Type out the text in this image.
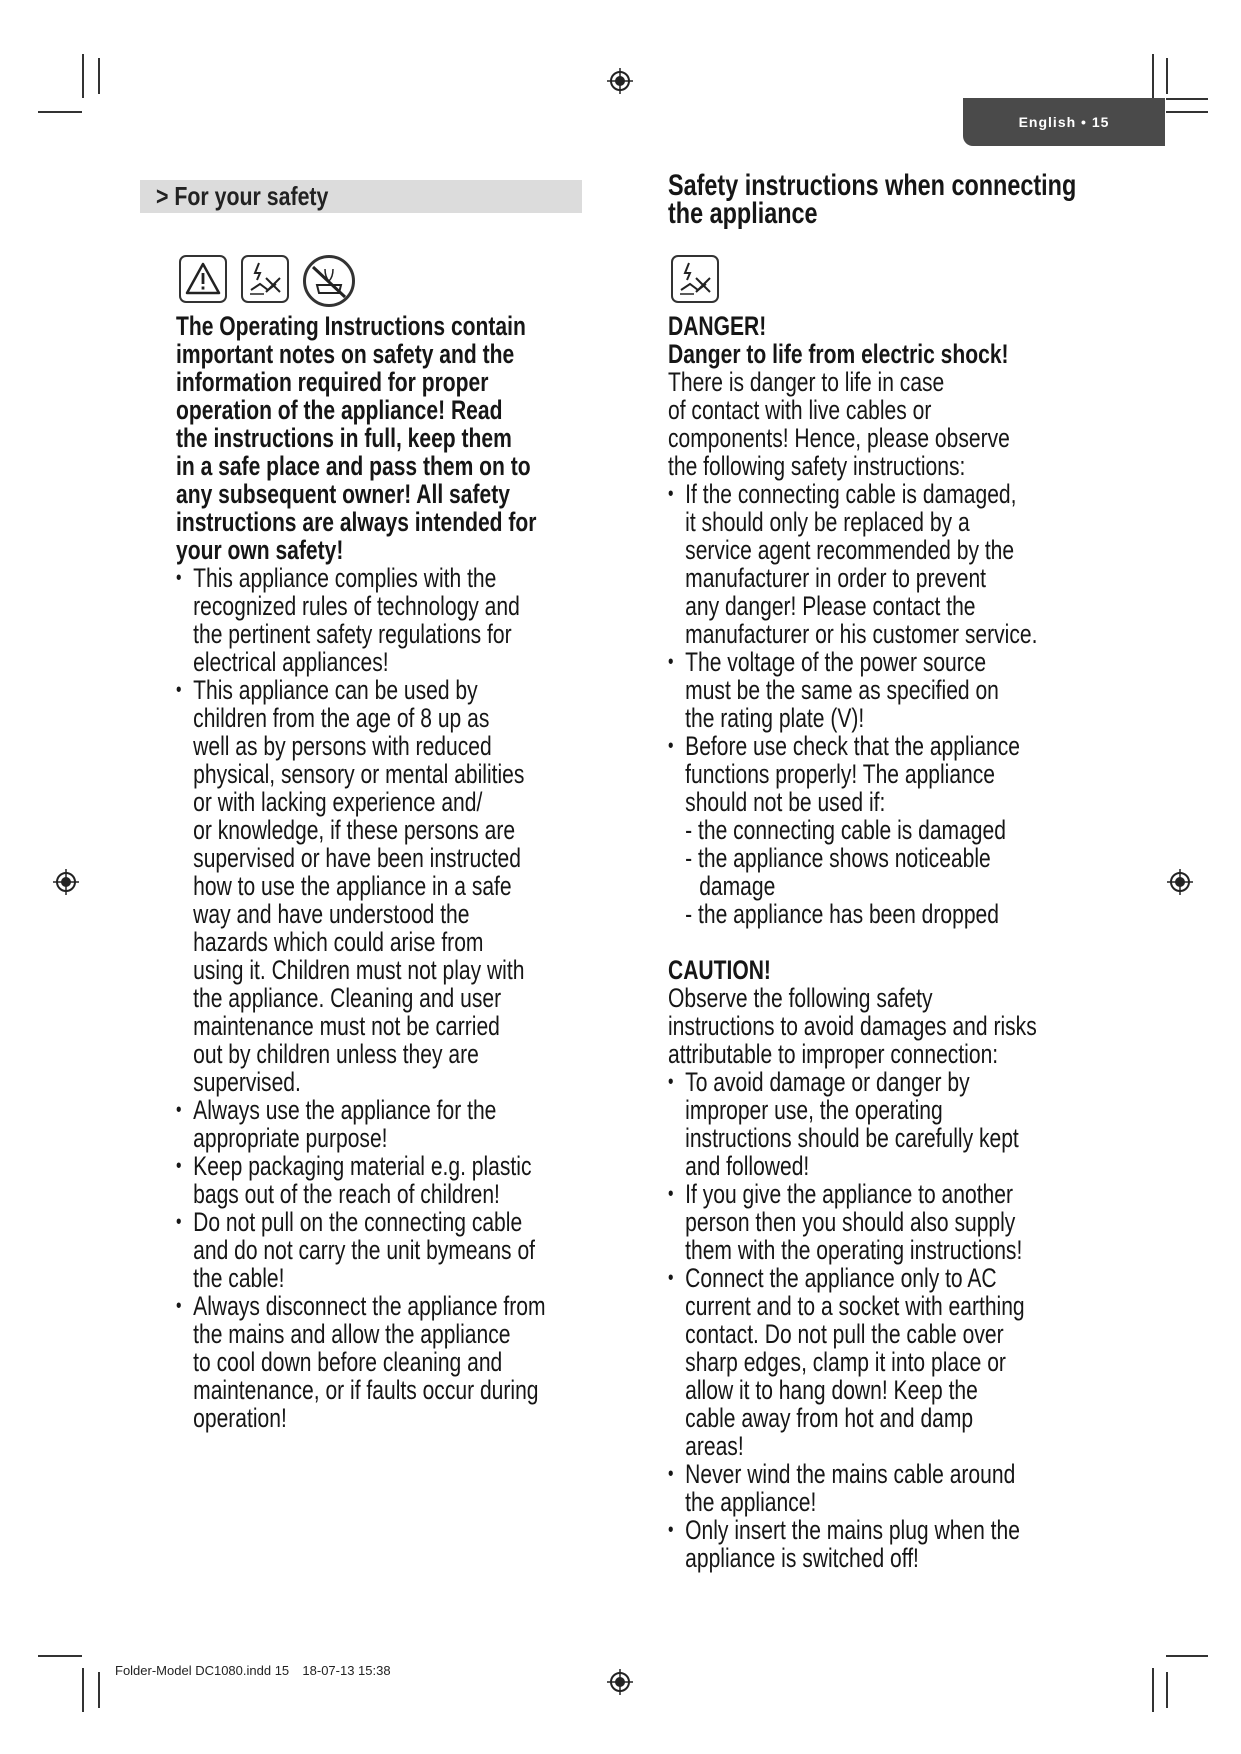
English • 15
> For your safety
The Operating Instructions contain
important notes on safety and the
information required for proper
operation of the appliance! Read
the instructions in full, keep them
in a safe place and pass them on to
any subsequent owner! All safety
instructions are always intended for
your own safety!
• This appliance complies with the
recognized rules of technology and
the pertinent safety regulations for
electrical appliances!
• This appliance can be used by
children from the age of 8 up as
well as by persons with reduced
physical, sensory or mental abilities
or with lacking experience and/
or knowledge, if these persons are
supervised or have been instructed
how to use the appliance in a safe
way and have understood the
hazards which could arise from
using it. Children must not play with
the appliance. Cleaning and user
maintenance must not be carried
out by children unless they are
supervised.
• Always use the appliance for the
appropriate purpose!
• Keep packaging material e.g. plastic
bags out of the reach of children!
• Do not pull on the connecting cable
and do not carry the unit bymeans of
the cable!
• Always disconnect the appliance from
the mains and allow the appliance
to cool down before cleaning and
maintenance, or if faults occur during
operation!
Safety instructions when connecting
the appliance
DANGER!
Danger to life from electric shock!
There is danger to life in case
of contact with live cables or
components! Hence, please observe
the following safety instructions:
• If the connecting cable is damaged,
it should only be replaced by a
service agent recommended by the
manufacturer in order to prevent
any danger! Please contact the
manufacturer or his customer service.
• The voltage of the power source
must be the same as specified on
the rating plate (V)!
• Before use check that the appliance
functions properly! The appliance
should not be used if:
- the connecting cable is damaged
- the appliance shows noticeable
damage
- the appliance has been dropped
CAUTION!
Observe the following safety
instructions to avoid damages and risks
attributable to improper connection:
• To avoid damage or danger by
improper use, the operating
instructions should be carefully kept
and followed!
• If you give the appliance to another
person then you should also supply
them with the operating instructions!
• Connect the appliance only to AC
current and to a socket with earthing
contact. Do not pull the cable over
sharp edges, clamp it into place or
allow it to hang down! Keep the
cable away from hot and damp
areas!
• Never wind the mains cable around
the appliance!
• Only insert the mains plug when the
appliance is switched off!
Folder-Model DC1080.indd 15 18-07-13 15:38
